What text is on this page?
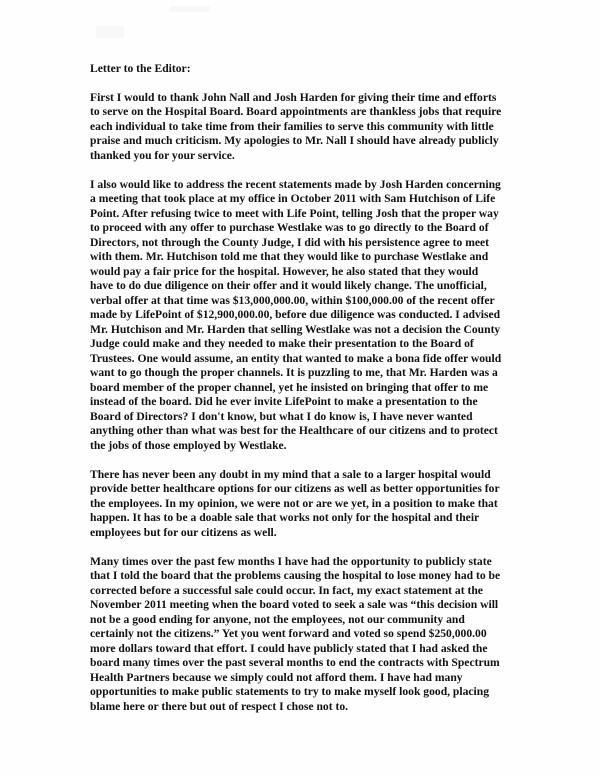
Letter to the Editor:
First I would to thank John Nall and Josh Harden for giving their time and efforts
to serve on the Hospital Board. Board appointments are thankless jobs that require
each individual to take time from their families to serve this community with little
praise and much criticism. My apologies to Mr. Nall I should have already publicly
thanked you for your service.
I also would like to address the recent statements made by Josh Harden concerning
a meeting that took place at my office in October 2011 with Sam Hutchison of Life
Point. After refusing twice to meet with Life Point, telling Josh that the proper way
to proceed with any offer to purchase Westlake was to go directly to the Board of
Directors, not through the County Judge, I did with his persistence agree to meet
with them. Mr. Hutchison told me that they would like to purchase Westlake and
would pay a fair price for the hospital. However, he also stated that they would
have to do due diligence on their offer and it would likely change. The unofficial,
verbal offer at that time was $13,000,000.00, within $100,000.00 of the recent offer
made by LifePoint of $12,900,000.00, before due diligence was conducted. I advised
Mr. Hutchison and Mr. Harden that selling Westlake was not a decision the County
Judge could make and they needed to make their presentation to the Board of
Trustees. One would assume, an entity that wanted to make a bona fide offer would
want to go though the proper channels. It is puzzling to me, that Mr. Harden was a
board member of the proper channel, yet he insisted on bringing that offer to me
instead of the board. Did he ever invite LifePoint to make a presentation to the
Board of Directors? I don't know, but what I do know is, I have never wanted
anything other than what was best for the Healthcare of our citizens and to protect
the jobs of those employed by Westlake.
There has never been any doubt in my mind that a sale to a larger hospital would
provide better healthcare options for our citizens as well as better opportunities for
the employees. In my opinion, we were not or are we yet, in a position to make that
happen. It has to be a doable sale that works not only for the hospital and their
employees but for our citizens as well.
Many times over the past few months I have had the opportunity to publicly state
that I told the board that the problems causing the hospital to lose money had to be
corrected before a successful sale could occur. In fact, my exact statement at the
November 2011 meeting when the board voted to seek a sale was “this decision will
not be a good ending for anyone, not the employees, not our community and
certainly not the citizens.” Yet you went forward and voted so spend $250,000.00
more dollars toward that effort. I could have publicly stated that I had asked the
board many times over the past several months to end the contracts with Spectrum
Health Partners because we simply could not afford them. I have had many
opportunities to make public statements to try to make myself look good, placing
blame here or there but out of respect I chose not to.
